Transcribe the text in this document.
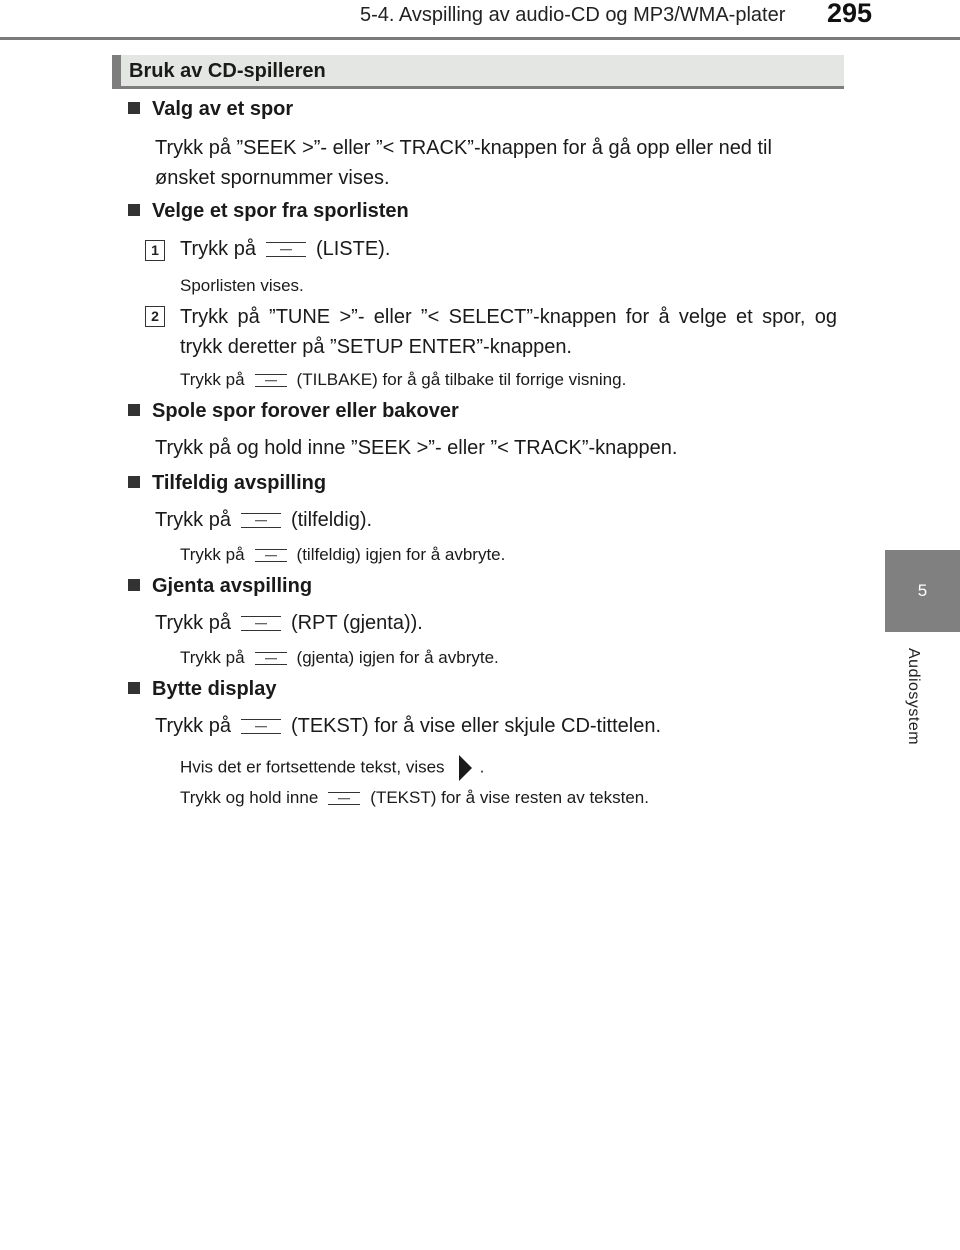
5-4. Avspilling av audio-CD og MP3/WMA-plater 295
5
Audiosystem
Bruk av CD-spilleren
Valg av et spor
Trykk på ”SEEK >”- eller ”< TRACK”-knappen for å gå opp eller ned til ønsket spornummer vises.
Velge et spor fra sporlisten
1	Trykk på	(LISTE).
Sporlisten vises.
2	Trykk på ”TUNE >”- eller ”< SELECT”-knappen for å velge et spor, og trykk deretter på ”SETUP ENTER”-knappen.
Trykk på	(TILBAKE) for å gå tilbake til forrige visning.
Spole spor forover eller bakover
Trykk på og hold inne ”SEEK >”- eller ”< TRACK”-knappen.
Tilfeldig avspilling
Trykk på	(tilfeldig).
Trykk på	(tilfeldig) igjen for å avbryte.
Gjenta avspilling
Trykk på	(RPT (gjenta)).
Trykk på	(gjenta) igjen for å avbryte.
Bytte display
Trykk på	(TEKST) for å vise eller skjule CD-tittelen.
Hvis det er fortsettende tekst, vises .
Trykk og hold inne	(TEKST) for å vise resten av teksten.
